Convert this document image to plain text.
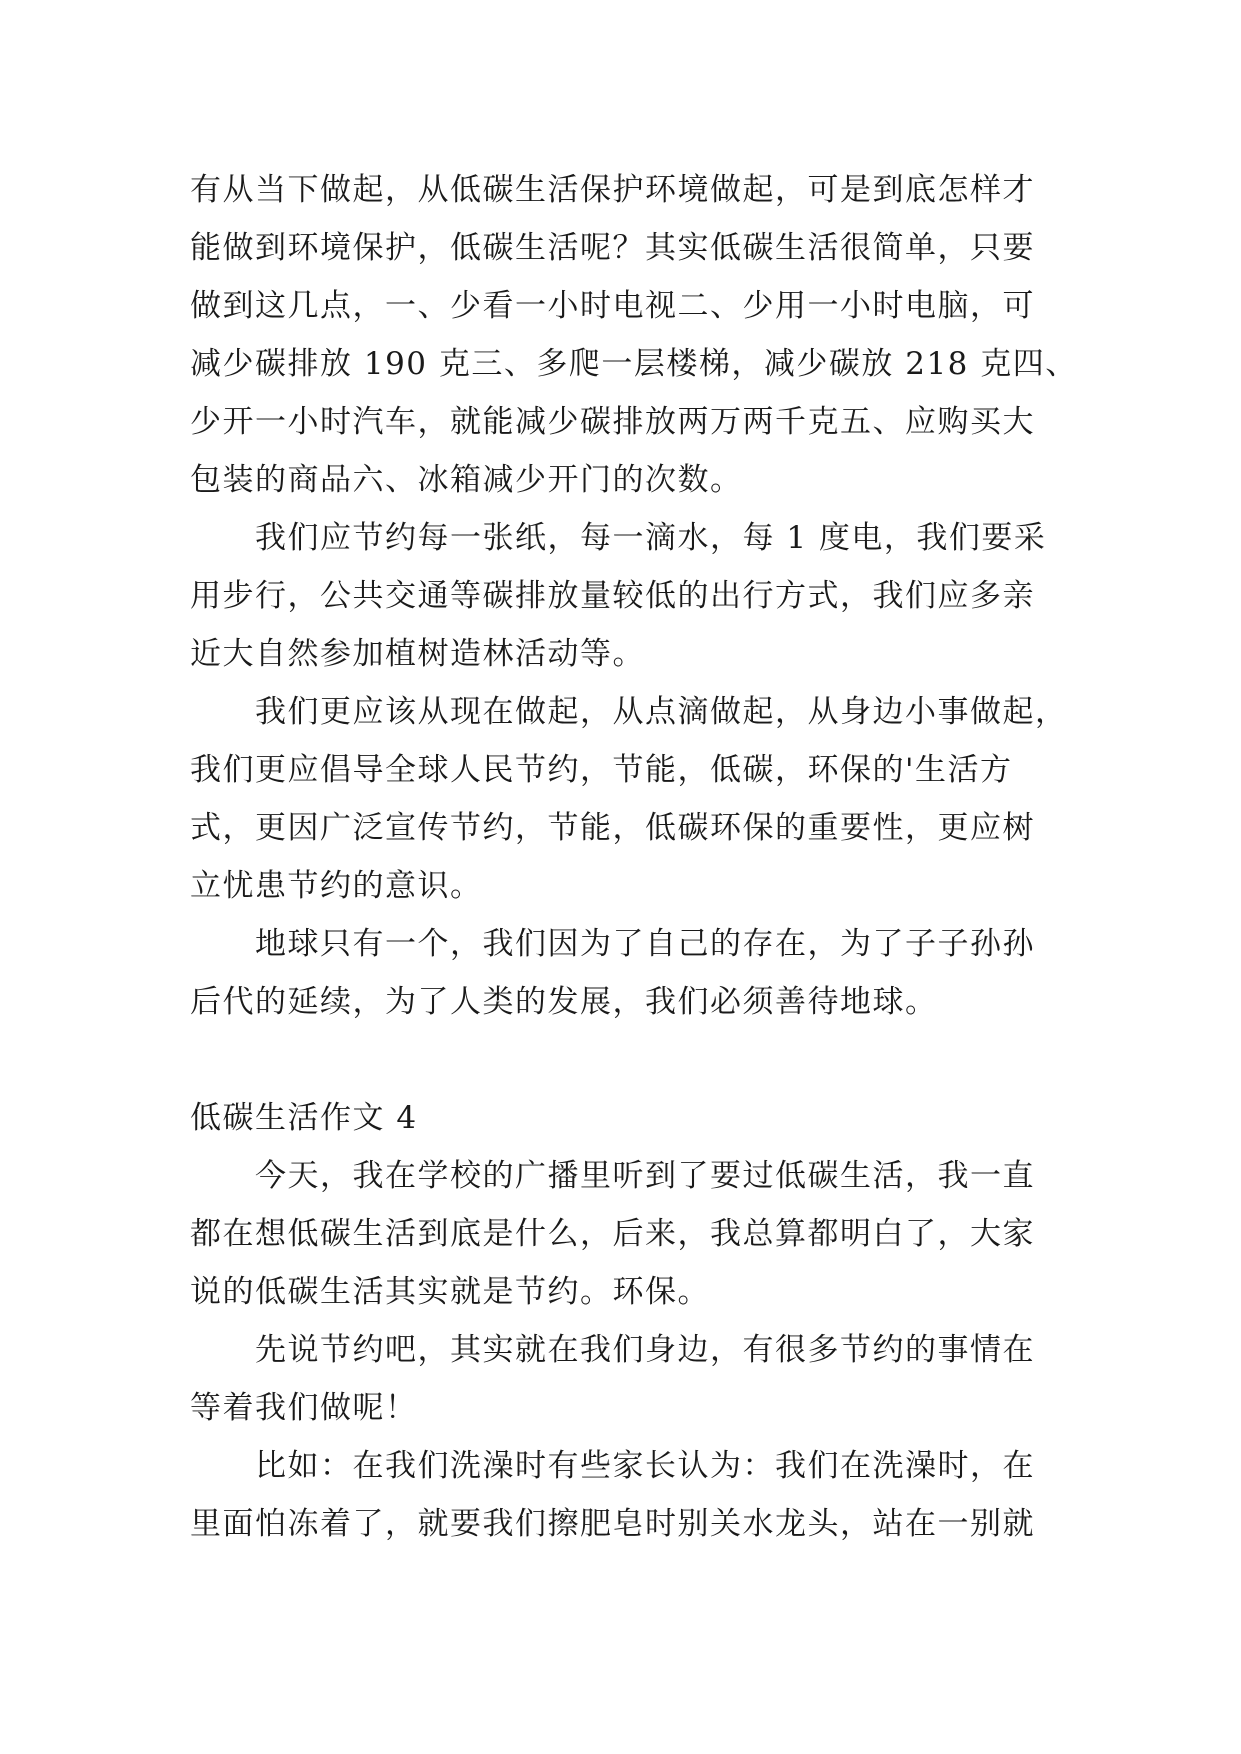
有从当下做起，从低碳生活保护环境做起，可是到底怎样才
能做到环境保护，低碳生活呢？其实低碳生活很简单，只要
做到这几点，一、少看一小时电视二、少用一小时电脑，可
减少碳排放 190 克三、多爬一层楼梯，减少碳放 218 克四、
少开一小时汽车，就能减少碳排放两万两千克五、应购买大
包装的商品六、冰箱减少开门的次数。
我们应节约每一张纸，每一滴水，每 1 度电，我们要采
用步行，公共交通等碳排放量较低的出行方式，我们应多亲
近大自然参加植树造林活动等。
我们更应该从现在做起，从点滴做起，从身边小事做起，
我们更应倡导全球人民节约，节能，低碳，环保的'生活方
式，更因广泛宣传节约，节能，低碳环保的重要性，更应树
立忧患节约的意识。
地球只有一个，我们因为了自己的存在，为了子子孙孙
后代的延续，为了人类的发展，我们必须善待地球。
低碳生活作文 4
今天，我在学校的广播里听到了要过低碳生活，我一直
都在想低碳生活到底是什么，后来，我总算都明白了，大家
说的低碳生活其实就是节约。环保。
先说节约吧，其实就在我们身边，有很多节约的事情在
等着我们做呢！
比如：在我们洗澡时有些家长认为：我们在洗澡时，在
里面怕冻着了，就要我们擦肥皂时别关水龙头，站在一别就
